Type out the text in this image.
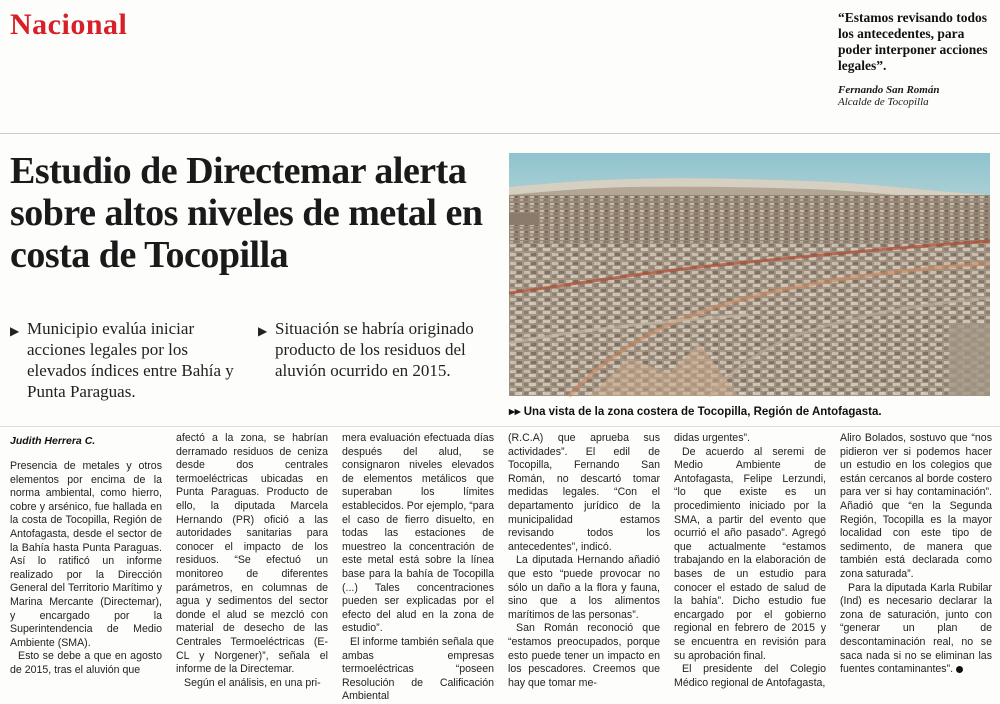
Nacional	“Estamos revisando todos los antecedentes, para poder interponer acciones legales”.
Fernando San Román
Alcalde de Tocopilla
Estudio de Directemar alerta sobre altos niveles de metal en costa de Tocopilla
▶ Municipio evalúa iniciar acciones legales por los elevados índices entre Bahía y Punta Paraguas.
▶ Situación se habría originado producto de los residuos del aluvión ocurrido en 2015.
▸▸ Una vista de la zona costera de Tocopilla, Región de Antofagasta.
Judith Herrera C.

Presencia de metales y otros elementos por encima de la norma ambiental, como hierro, cobre y arsénico, fue hallada en la costa de Tocopilla, Región de Antofagasta, desde el sector de la Bahía hasta Punta Paraguas. Así lo ratificó un informe realizado por la Dirección General del Territorio Marítimo y Marina Mercante (Directemar), y encargado por la Superintendencia de Medio Ambiente (SMA).

Esto se debe a que en agosto de 2015, tras el aluvión que

afectó a la zona, se habrían derramado residuos de ceniza desde dos centrales termoeléctricas ubicadas en Punta Paraguas. Producto de ello, la diputada Marcela Hernando (PR) ofició a las autoridades sanitarias para conocer el impacto de los residuos. “Se efectuó un monitoreo de diferentes parámetros, en columnas de agua y sedimentos del sector donde el alud se mezcló con material de desecho de las Centrales Termoeléctricas (E-CL y Norgener)”, señala el informe de la Directemar.

Según el análisis, en una pri-

mera evaluación efectuada días después del alud, se consignaron niveles elevados de elementos metálicos que superaban los límites establecidos. Por ejemplo, “para el caso de fierro disuelto, en todas las estaciones de muestreo la concentración de este metal está sobre la línea base para la bahía de Tocopilla (...) Tales concentraciones pueden ser explicadas por el efecto del alud en la zona de estudio”.

El informe también señala que ambas empresas termoeléctricas “poseen Resolución de Calificación Ambiental

(R.C.A) que aprueba sus actividades”. El edil de Tocopilla, Fernando San Román, no descartó tomar medidas legales. “Con el departamento jurídico de la municipalidad estamos revisando todos los antecedentes”, indicó.

La diputada Hernando añadió que esto “puede provocar no sólo un daño a la flora y fauna, sino que a los alimentos marítimos de las personas”.

San Román reconoció que “estamos preocupados, porque esto puede tener un impacto en los pescadores. Creemos que hay que tomar me-

didas urgentes”.

De acuerdo al seremi de Medio Ambiente de Antofagasta, Felipe Lerzundi, “lo que existe es un procedimiento iniciado por la SMA, a partir del evento que ocurrió el año pasado”. Agregó que actualmente “estamos trabajando en la elaboración de bases de un estudio para conocer el estado de salud de la bahía”. Dicho estudio fue encargado por el gobierno regional en febrero de 2015 y se encuentra en revisión para su aprobación final.

El presidente del Colegio Médico regional de Antofagasta,

Aliro Bolados, sostuvo que “nos pidieron ver si podemos hacer un estudio en los colegios que están cercanos al borde costero para ver si hay contaminación”. Añadió que “en la Segunda Región, Tocopilla es la mayor localidad con este tipo de sedimento, de manera que también está declarada como zona saturada”.

Para la diputada Karla Rubilar (Ind) es necesario declarar la zona de saturación, junto con “generar un plan de descontaminación real, no se saca nada si no se eliminan las fuentes contaminantes”.
